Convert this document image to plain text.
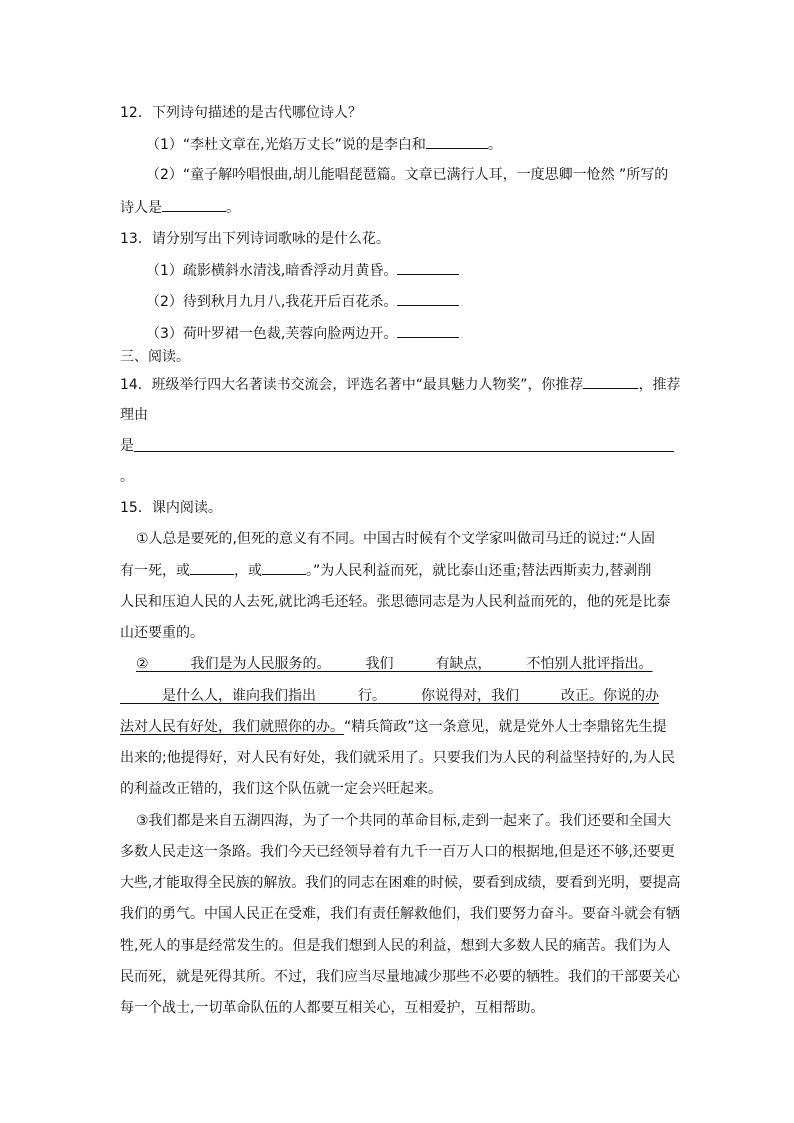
12．下列诗句描述的是古代哪位诗人？
（1）“李杜文章在,光焰万丈长”说的是李白和	。
（2）“童子解吟唱恨曲,胡儿能唱琵琶篇。文章已满行人耳，一度思卿一怆然 ”所写的
诗人是	。
13．请分别写出下列诗词歌咏的是什么花。
（1）疏影横斜水清浅,暗香浮动月黄昏。
（2）待到秋月九月八,我花开后百花杀。
（3）荷叶罗裙一色裁,芙蓉向脸两边开。
三、阅读。
14．班级举行四大名著读书交流会，评选名著中“最具魅力人物奖”，你推荐	，推荐
理由
是
。
15．课内阅读。
①人总是要死的,但死的意义有不同。中国古时候有个文学家叫做司马迁的说过:“人固
有一死，或	，或	。”为人民利益而死，就比泰山还重;替法西斯卖力,替剥削
人民和压迫人民的人去死,就比鸿毛还轻。张思德同志是为人民利益而死的，他的死是比泰
山还要重的。
②　　　我们是为人民服务的。　　　我们　　　有缺点，　　　不怕别人批评指出。
　　　是什么人，谁向我们指出　　　行。　　　你说得对，我们　　　改正。你说的办
法对人民有好处，我们就照你的办。“精兵简政”这一条意见，就是党外人士李鼎铭先生提
出来的;他提得好，对人民有好处，我们就采用了。只要我们为人民的利益坚持好的,为人民
的利益改正错的，我们这个队伍就一定会兴旺起来。
③我们都是来自五湖四海，为了一个共同的革命目标,走到一起来了。我们还要和全国大
多数人民走这一条路。我们今天已经领导着有九千一百万人口的根据地,但是还不够,还要更
大些,才能取得全民族的解放。我们的同志在困难的时候，要看到成绩，要看到光明，要提高
我们的勇气。中国人民正在受难，我们有责任解救他们，我们要努力奋斗。要奋斗就会有牺
牲,死人的事是经常发生的。但是我们想到人民的利益，想到大多数人民的痛苦。我们为人
民而死，就是死得其所。不过，我们应当尽量地减少那些不必要的牺牲。我们的干部要关心
每一个战士,一切革命队伍的人都要互相关心，互相爱护，互相帮助。
